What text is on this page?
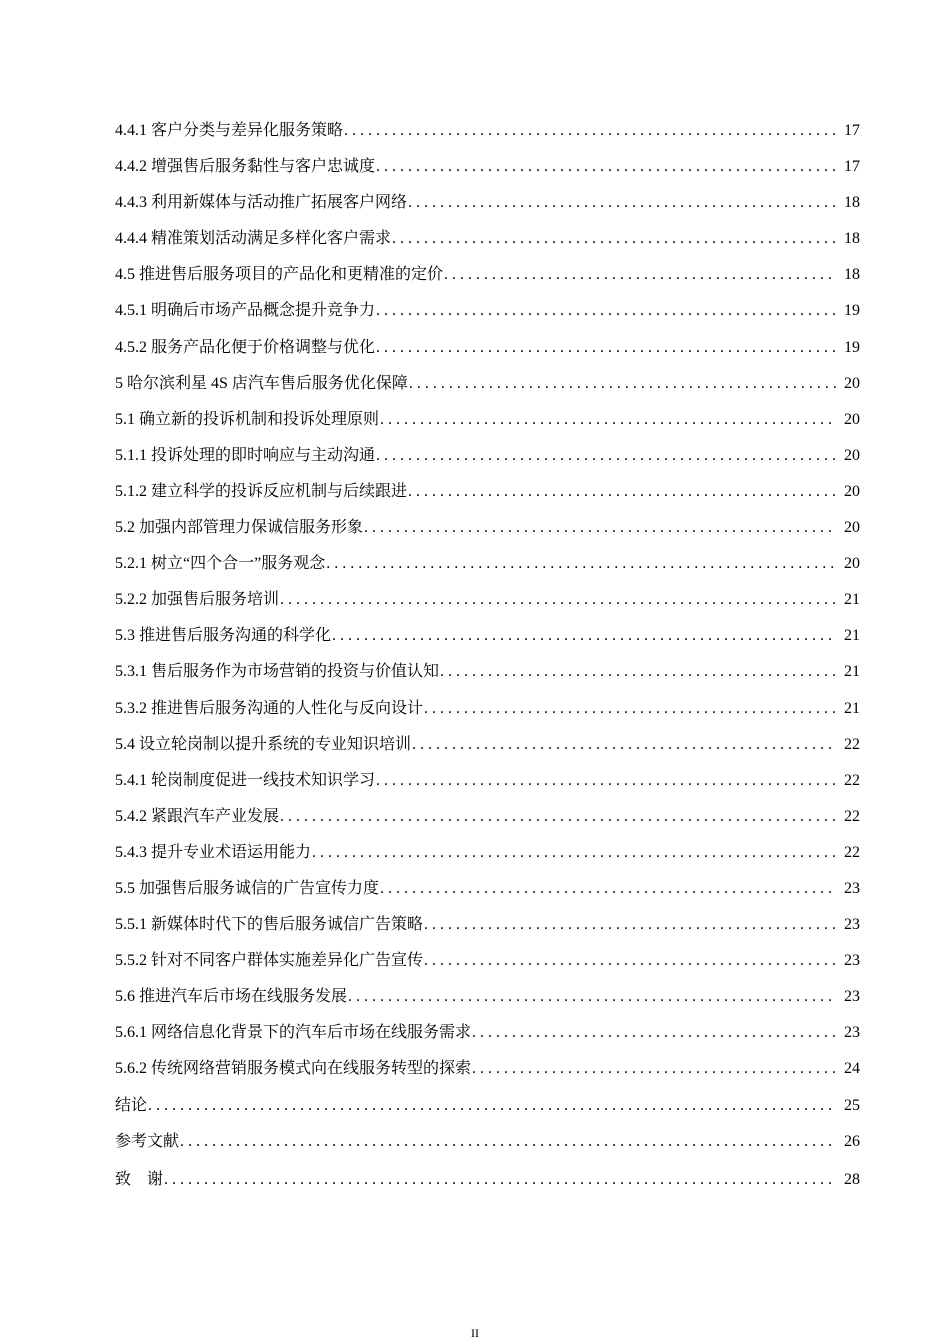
4.4.1 客户分类与差异化服务策略 . . .	17
4.4.2 增强售后服务黏性与客户忠诚度 . . .	17
4.4.3 利用新媒体与活动推广拓展客户网络 . . .	18
4.4.4 精准策划活动满足多样化客户需求 . . .	18
4.5 推进售后服务项目的产品化和更精准的定价 . . .	18
4.5.1 明确后市场产品概念提升竞争力 . . .	19
4.5.2 服务产品化便于价格调整与优化 . . .	19
5 哈尔滨利星 4S 店汽车售后服务优化保障 . . .	20
5.1 确立新的投诉机制和投诉处理原则 . . .	20
5.1.1 投诉处理的即时响应与主动沟通 . . .	20
5.1.2 建立科学的投诉反应机制与后续跟进 . . .	20
5.2 加强内部管理力保诚信服务形象 . . .	20
5.2.1 树立“四个合一”服务观念 . . .	20
5.2.2 加强售后服务培训 . . .	21
5.3 推进售后服务沟通的科学化 . . .	21
5.3.1 售后服务作为市场营销的投资与价值认知 . . .	21
5.3.2 推进售后服务沟通的人性化与反向设计 . . .	21
5.4 设立轮岗制以提升系统的专业知识培训 . . .	22
5.4.1 轮岗制度促进一线技术知识学习 . . .	22
5.4.2 紧跟汽车产业发展 . . .	22
5.4.3 提升专业术语运用能力 . . .	22
5.5 加强售后服务诚信的广告宣传力度 . . .	23
5.5.1 新媒体时代下的售后服务诚信广告策略 . . .	23
5.5.2 针对不同客户群体实施差异化广告宣传 . . .	23
5.6 推进汽车后市场在线服务发展 . . .	23
5.6.1 网络信息化背景下的汽车后市场在线服务需求 . . .	23
5.6.2 传统网络营销服务模式向在线服务转型的探索 . . .	24
结论 . . .	25
参考文献 . . .	26
致    谢 . . .	28
II
